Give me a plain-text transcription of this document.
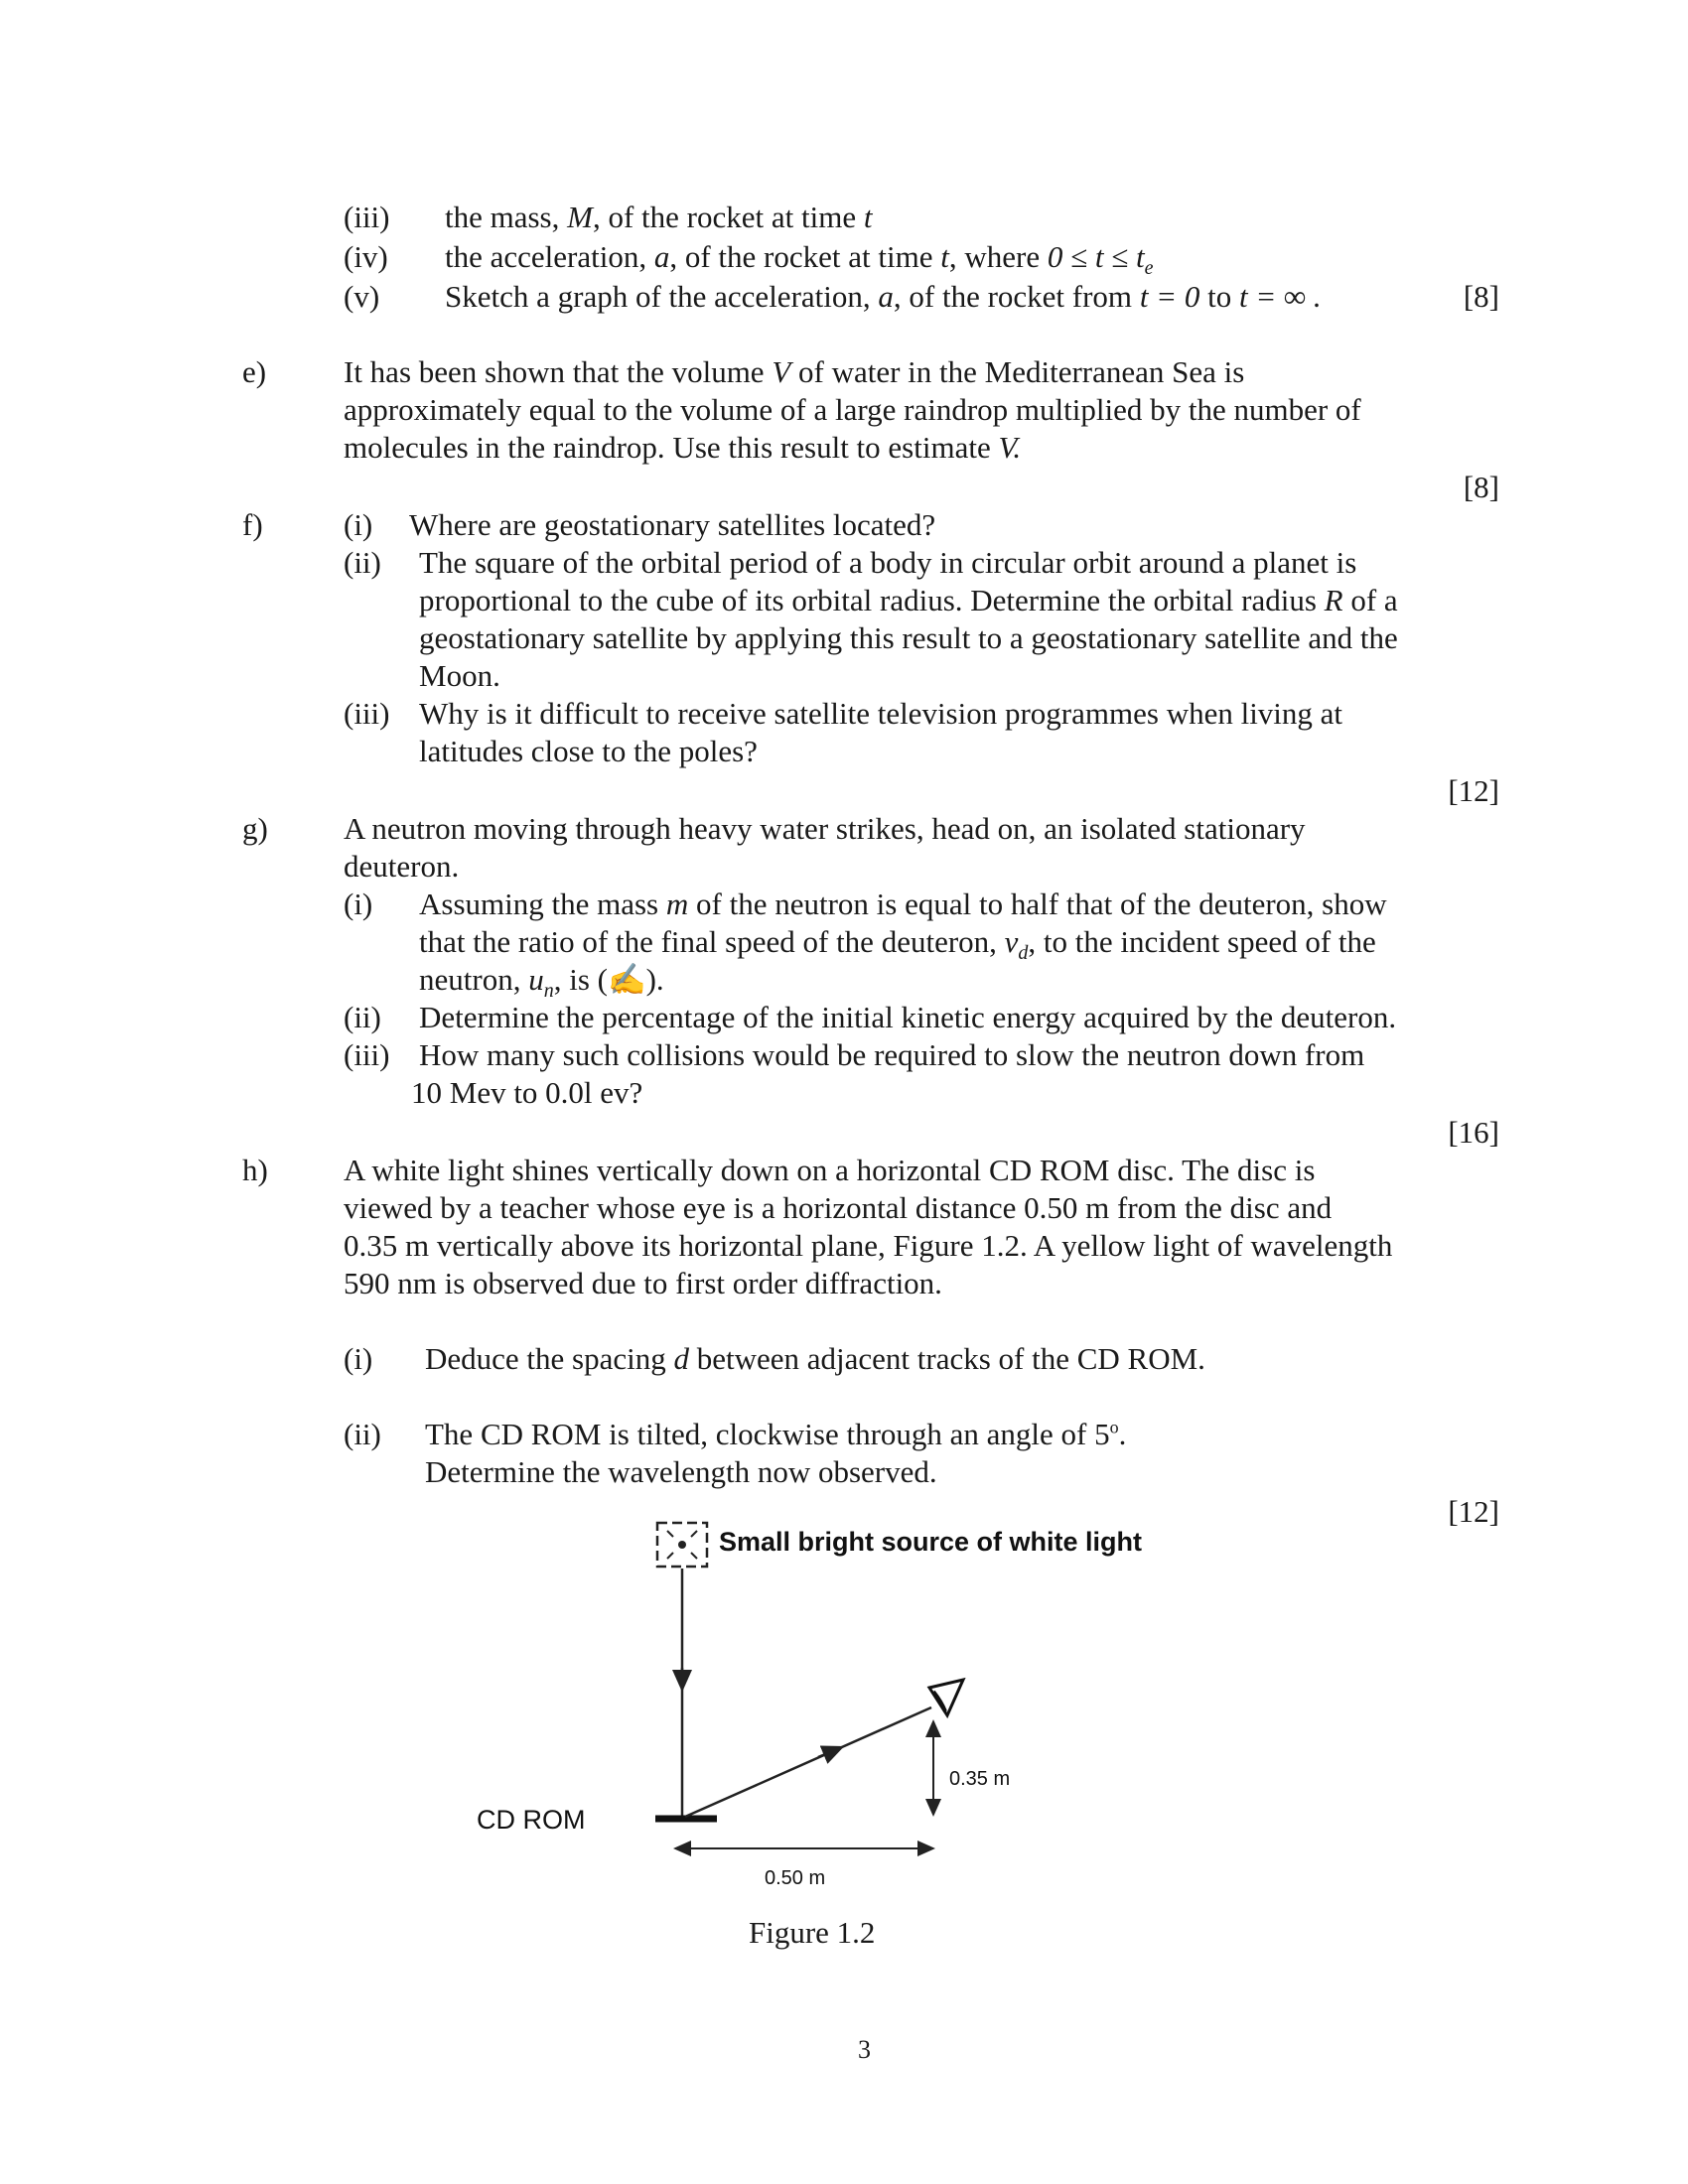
(iii) the mass, M, of the rocket at time t
(iv) the acceleration, a, of the rocket at time t, where $0 \le t \le t_e$
(v) Sketch a graph of the acceleration, a, of the rocket from t = 0 to t = ∞ .	[8]
e)	It has been shown that the volume V of water in the Mediterranean Sea is
approximately equal to the volume of a large raindrop multiplied by the number of
molecules in the raindrop. Use this result to estimate V.
[8]
f)	(i) Where are geostationary satellites located?
(ii) The square of the orbital period of a body in circular orbit around a planet is
proportional to the cube of its orbital radius. Determine the orbital radius R of a
geostationary satellite by applying this result to a geostationary satellite and the
Moon.
(iii) Why is it difficult to receive satellite television programmes when living at
latitudes close to the poles?
[12]
g) A neutron moving through heavy water strikes, head on, an isolated stationary
deuteron.
(i) Assuming the mass m of the neutron is equal to half that of the deuteron, show
that the ratio of the final speed of the deuteron, $v_d$, to the incident speed of the
neutron, $u_n$, is (✍).
(ii) Determine the percentage of the initial kinetic energy acquired by the deuteron.
(iii) How many such collisions would be required to slow the neutron down from
10 Mev to 0.0l ev?
[16]
h) A white light shines vertically down on a horizontal CD ROM disc. The disc is
viewed by a teacher whose eye is a horizontal distance 0.50 m from the disc and
0.35 m vertically above its horizontal plane, Figure 1.2. A yellow light of wavelength
590 nm is observed due to first order diffraction.
(i) Deduce the spacing d between adjacent tracks of the CD ROM.
(ii) The CD ROM is tilted, clockwise through an angle of 5$^o$.
Determine the wavelength now observed.
[12]
Small bright source of white light
CD ROM
0.35 m
0.50 m
Figure 1.2
3
